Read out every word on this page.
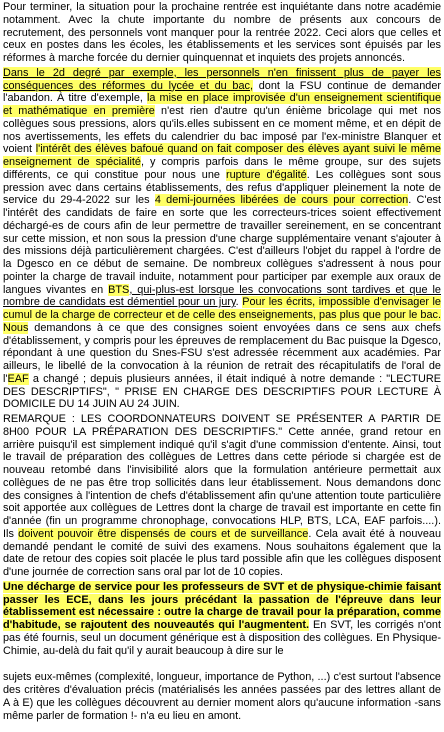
Pour terminer, la situation pour la prochaine rentrée est inquiétante dans notre académie notamment. Avec la chute importante du nombre de présents aux concours de recrutement, des personnels vont manquer pour la rentrée 2022. Ceci alors que celles et ceux en postes dans les écoles, les établissements et les services sont épuisés par les réformes à marche forcée du dernier quinquennat et inquiets des projets annoncés.

Dans le 2d degré par exemple, les personnels n'en finissent plus de payer les conséquences des réformes du lycée et du bac, dont la FSU continue de demander l'abandon. À titre d'exemple, la mise en place improvisée d'un enseignement scientifique et mathématique en première n'est rien d'autre qu'un énième bricolage qui met nos collègues sous pressions, alors qu'ils.elles subissent en ce moment même, et en dépit de nos avertissements, les effets du calendrier du bac imposé par l'ex-ministre Blanquer et voient l'intérêt des élèves bafoué quand on fait composer des élèves ayant suivi le même enseignement de spécialité, y compris parfois dans le même groupe, sur des sujets différents, ce qui constitue pour nous une rupture d'égalité. Les collègues sont sous pression avec dans certains établissements, des refus d'appliquer pleinement la note de service du 29-4-2022 sur les 4 demi-journées libérées de cours pour correction. C'est l'intérêt des candidats de faire en sorte que les correcteurs-trices soient effectivement déchargé-es de cours afin de leur permettre de travailler sereinement, en se concentrant sur cette mission, et non sous la pression d'une charge supplémentaire venant s'ajouter à des missions déjà particulièrement chargées. C'est d'ailleurs l'objet du rappel à l'ordre de la Dgesco en ce début de semaine. De nombreux collègues s'adressent à nous pour pointer la charge de travail induite, notamment pour participer par exemple aux oraux de langues vivantes en BTS, qui-plus-est lorsque les convocations sont tardives et que le nombre de candidats est démentiel pour un jury. Pour les écrits, impossible d'envisager le cumul de la charge de correcteur et de celle des enseignements, pas plus que pour le bac. Nous demandons à ce que des consignes soient envoyées dans ce sens aux chefs d'établissement, y compris pour les épreuves de remplacement du Bac puisque la Dgesco, répondant à une question du Snes-FSU s'est adressée récemment aux académies. Par ailleurs, le libellé de la convocation à la réunion de retrait des récapitulatifs de l'oral de l'EAF a changé ; depuis plusieurs années, il était indiqué à notre demande : "LECTURE DES DESCRIPTIFS", " PRISE EN CHARGE DES DESCRIPTIFS POUR LECTURE À DOMICILE DU 14 JUIN AU 24 JUIN.

REMARQUE : LES COORDONNATEURS DOIVENT SE PRÉSENTER A PARTIR DE 8H00 POUR LA PRÉPARATION DES DESCRIPTIFS." Cette année, grand retour en arrière puisqu'il est simplement indiqué qu'il s'agit d'une commission d'entente. Ainsi, tout le travail de préparation des collègues de Lettres dans cette période si chargée est de nouveau retombé dans l'invisibilité alors que la formulation antérieure permettait aux collègues de ne pas être trop sollicités dans leur établissement. Nous demandons donc des consignes à l'intention de chefs d'établissement afin qu'une attention toute particulière soit apportée aux collègues de Lettres dont la charge de travail est importante en cette fin d'année (fin un programme chronophage, convocations HLP, BTS, LCA, EAF parfois....). Ils doivent pouvoir être dispensés de cours et de surveillance. Cela avait été à nouveau demandé pendant le comité de suivi des examens. Nous souhaitons également que la date de retour des copies soit placée le plus tard possible afin que les collègues disposent d'une journée de correction sans oral par lot de 10 copies.

Une décharge de service pour les professeurs de SVT et de physique-chimie faisant passer les ECE, dans les jours précédant la passation de l'épreuve dans leur établissement est nécessaire : outre la charge de travail pour la préparation, comme d'habitude, se rajoutent des nouveautés qui l'augmentent. En SVT, les corrigés n'ont pas été fournis, seul un document générique est à disposition des collègues. En Physique-Chimie, au-delà du fait qu'il y aurait beaucoup à dire sur le

sujets eux-mêmes (complexité, longueur, importance de Python, ...) c'est surtout l'absence des critères d'évaluation précis (matérialisés les années passées par des lettres allant de A à E) que les collègues découvrent au dernier moment alors qu'aucune information -sans même parler de formation !- n'a eu lieu en amont.
